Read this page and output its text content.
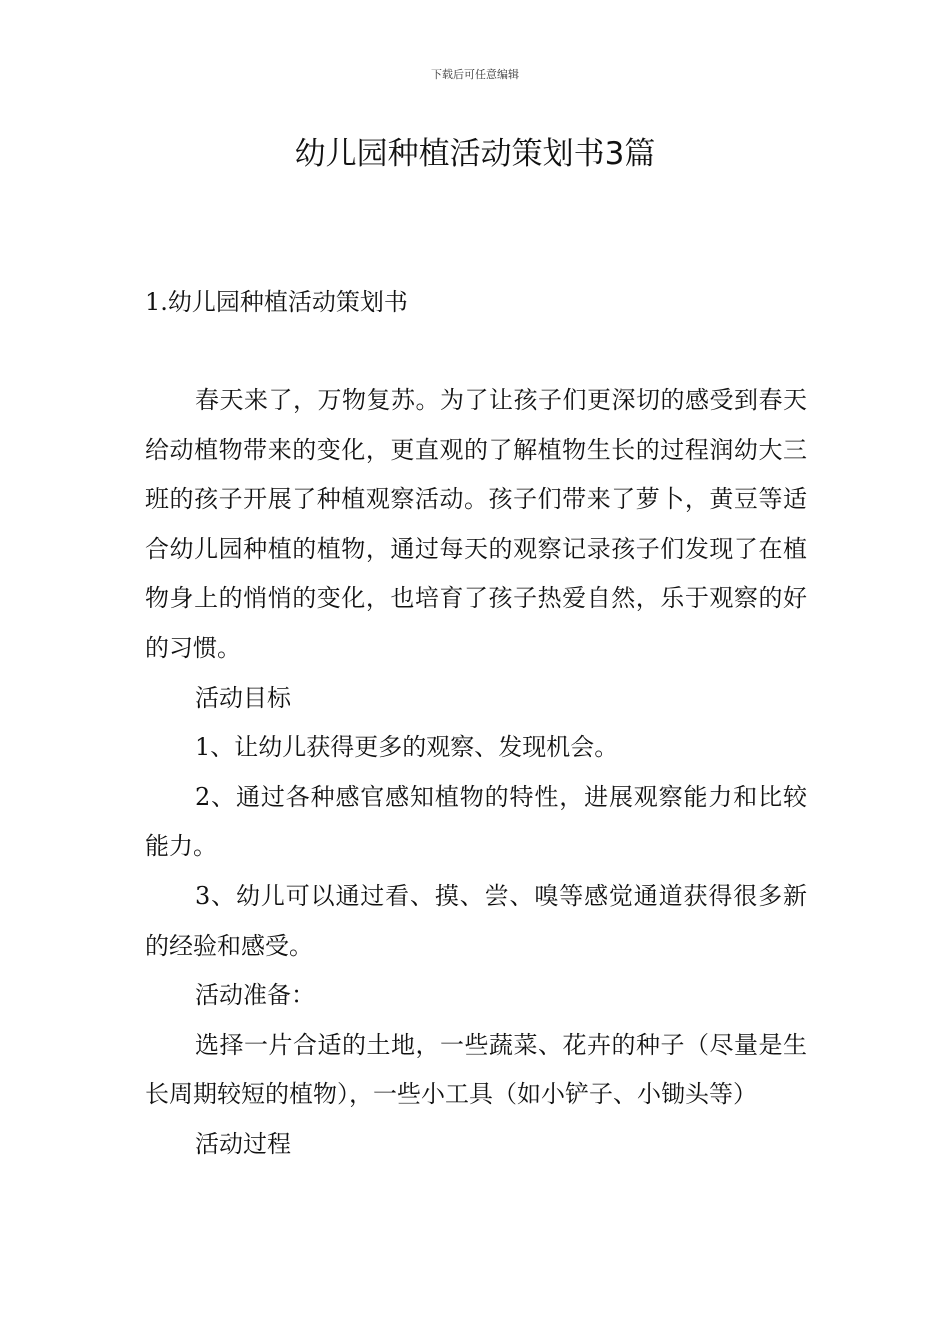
下载后可任意编辑
幼儿园种植活动策划书3篇
1.幼儿园种植活动策划书

春天来了，万物复苏。为了让孩子们更深切的感受到春天给动植物带来的变化，更直观的了解植物生长的过程润幼大三班的孩子开展了种植观察活动。孩子们带来了萝卜，黄豆等适合幼儿园种植的植物，通过每天的观察记录孩子们发现了在植物身上的悄悄的变化，也培育了孩子热爱自然，乐于观察的好的习惯。

活动目标

1、让幼儿获得更多的观察、发现机会。

2、通过各种感官感知植物的特性，进展观察能力和比较能力。

3、幼儿可以通过看、摸、尝、嗅等感觉通道获得很多新的经验和感受。

活动准备：

选择一片合适的土地，一些蔬菜、花卉的种子（尽量是生长周期较短的植物），一些小工具（如小铲子、小锄头等）

活动过程
